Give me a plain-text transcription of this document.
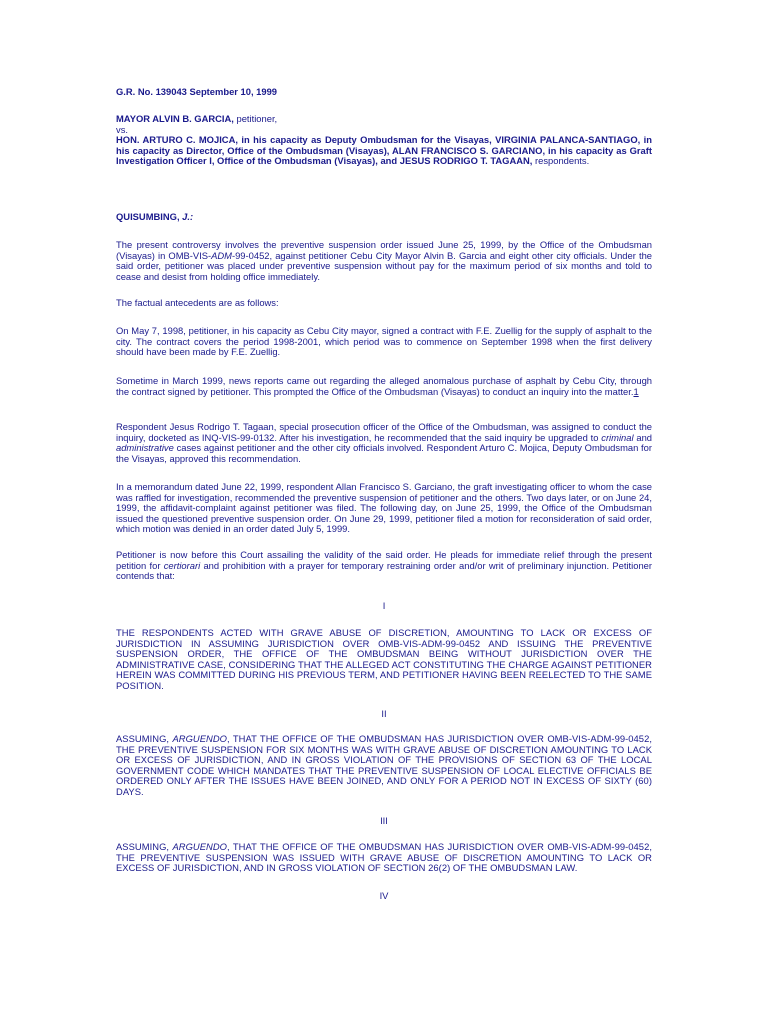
G.R. No. 139043 September 10, 1999

MAYOR ALVIN B. GARCIA, petitioner,

vs.

HON. ARTURO C. MOJICA, in his capacity as Deputy Ombudsman for the Visayas, VIRGINIA PALANCA-SANTIAGO, in his capacity as Director, Office of the Ombudsman (Visayas), ALAN FRANCISCO S. GARCIANO, in his capacity as Graft Investigation Officer I, Office of the Ombudsman (Visayas), and JESUS RODRIGO T. TAGAAN, respondents.

QUISUMBING, J.:

The present controversy involves the preventive suspension order issued June 25, 1999, by the Office of the Ombudsman (Visayas) in OMB-VIS-ADM-99-0452, against petitioner Cebu City Mayor Alvin B. Garcia and eight other city officials. Under the said order, petitioner was placed under preventive suspension without pay for the maximum period of six months and told to cease and desist from holding office immediately.

The factual antecedents are as follows:

On May 7, 1998, petitioner, in his capacity as Cebu City mayor, signed a contract with F.E. Zuellig for the supply of asphalt to the city. The contract covers the period 1998-2001, which period was to commence on September 1998 when the first delivery should have been made by F.E. Zuellig.

Sometime in March 1999, news reports came out regarding the alleged anomalous purchase of asphalt by Cebu City, through the contract signed by petitioner. This prompted the Office of the Ombudsman (Visayas) to conduct an inquiry into the matter.1

Respondent Jesus Rodrigo T. Tagaan, special prosecution officer of the Office of the Ombudsman, was assigned to conduct the inquiry, docketed as INQ-VIS-99-0132. After his investigation, he recommended that the said inquiry be upgraded to criminal and administrative cases against petitioner and the other city officials involved. Respondent Arturo C. Mojica, Deputy Ombudsman for the Visayas, approved this recommendation.

In a memorandum dated June 22, 1999, respondent Allan Francisco S. Garciano, the graft investigating officer to whom the case was raffled for investigation, recommended the preventive suspension of petitioner and the others. Two days later, or on June 24, 1999, the affidavit-complaint against petitioner was filed. The following day, on June 25, 1999, the Office of the Ombudsman issued the questioned preventive suspension order. On June 29, 1999, petitioner filed a motion for reconsideration of said order, which motion was denied in an order dated July 5, 1999.

Petitioner is now before this Court assailing the validity of the said order. He pleads for immediate relief through the present petition for certiorari and prohibition with a prayer for temporary restraining order and/or writ of preliminary injunction. Petitioner contends that:

I

THE RESPONDENTS ACTED WITH GRAVE ABUSE OF DISCRETION, AMOUNTING TO LACK OR EXCESS OF JURISDICTION IN ASSUMING JURISDICTION OVER OMB-VIS-ADM-99-0452 AND ISSUING THE PREVENTIVE SUSPENSION ORDER, THE OFFICE OF THE OMBUDSMAN BEING WITHOUT JURISDICTION OVER THE ADMINISTRATIVE CASE, CONSIDERING THAT THE ALLEGED ACT CONSTITUTING THE CHARGE AGAINST PETITIONER HEREIN WAS COMMITTED DURING HIS PREVIOUS TERM, AND PETITIONER HAVING BEEN REELECTED TO THE SAME POSITION.

II

ASSUMING, ARGUENDO, THAT THE OFFICE OF THE OMBUDSMAN HAS JURISDICTION OVER OMB-VIS-ADM-99-0452, THE PREVENTIVE SUSPENSION FOR SIX MONTHS WAS WITH GRAVE ABUSE OF DISCRETION AMOUNTING TO LACK OR EXCESS OF JURISDICTION, AND IN GROSS VIOLATION OF THE PROVISIONS OF SECTION 63 OF THE LOCAL GOVERNMENT CODE WHICH MANDATES THAT THE PREVENTIVE SUSPENSION OF LOCAL ELECTIVE OFFICIALS BE ORDERED ONLY AFTER THE ISSUES HAVE BEEN JOINED, AND ONLY FOR A PERIOD NOT IN EXCESS OF SIXTY (60) DAYS.

III

ASSUMING, ARGUENDO, THAT THE OFFICE OF THE OMBUDSMAN HAS JURISDICTION OVER OMB-VIS-ADM-99-0452, THE PREVENTIVE SUSPENSION WAS ISSUED WITH GRAVE ABUSE OF DISCRETION AMOUNTING TO LACK OR EXCESS OF JURISDICTION, AND IN GROSS VIOLATION OF SECTION 26(2) OF THE OMBUDSMAN LAW.

IV
